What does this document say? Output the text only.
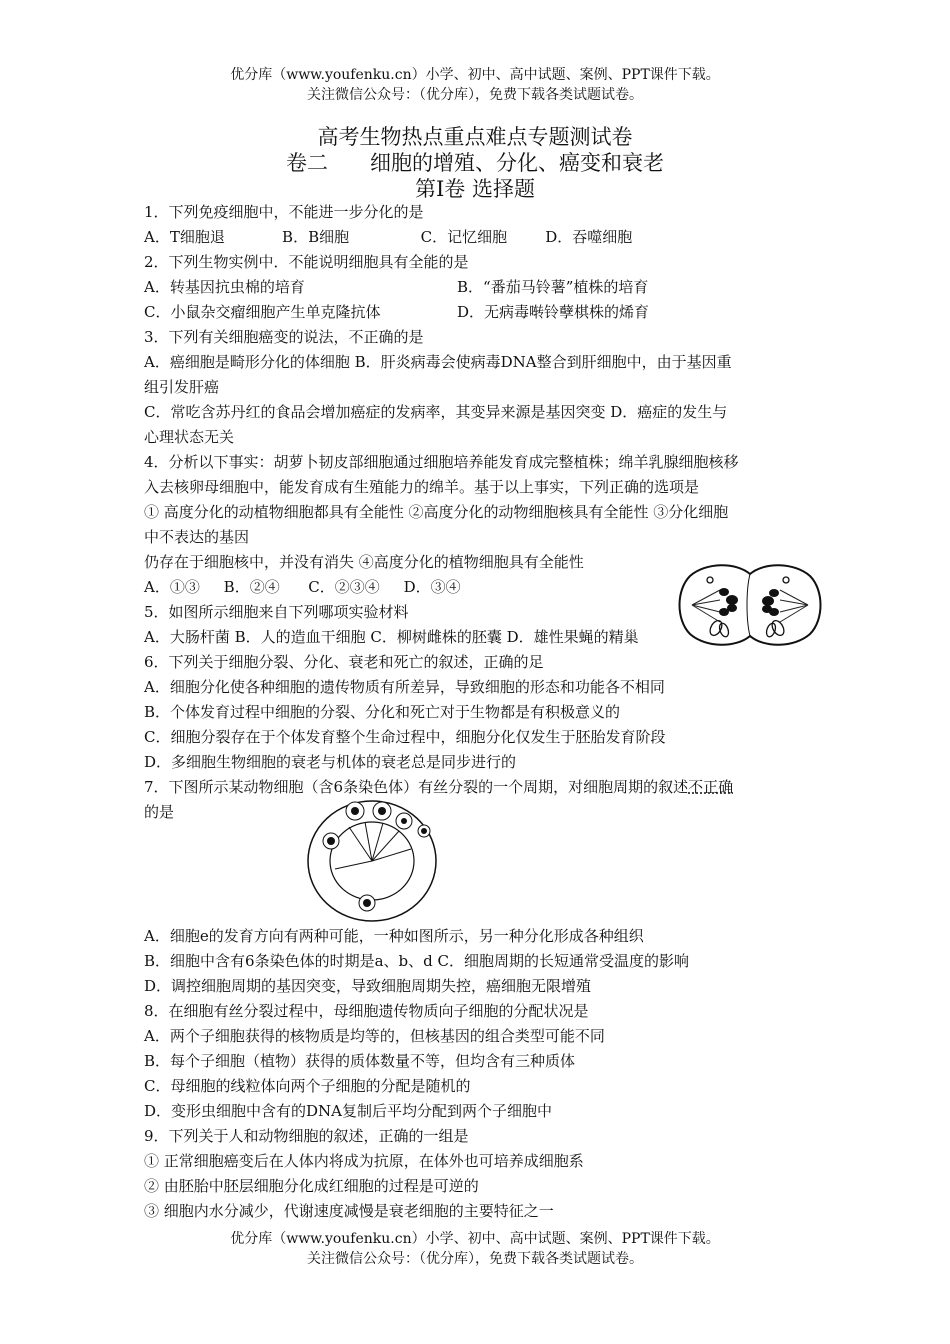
优分库（www.youfenku.cn）小学、初中、高中试题、案例、PPT课件下载。
关注微信公众号：（优分库），免费下载各类试题试卷。
高考生物热点重点难点专题测试卷
卷二 细胞的增殖、分化、癌变和衰老
第Ⅰ卷 选择题
1．下列免疫细胞中，不能进一步分化的是
A．T细胞退            B．B细胞               C．记忆细胞        D．吞噬细胞
2．下列生物实例中．不能说明细胞具有全能的是
A．转基因抗虫棉的培育	B．“番茄马铃薯”植株的培育
C．小鼠杂交瘤细胞产生单克隆抗体	D．无病毒啭铃孽棋株的烯育
3．下列有关细胞癌变的说法，不正确的是
A．癌细胞是畸形分化的体细胞 B．肝炎病毒会使病毒DNA整合到肝细胞中，由于基因重
组引发肝癌
C．常吃含苏丹红的食品会增加癌症的发病率，其变异来源是基因突变 D．癌症的发生与
心理状态无关
4．分析以下事实：胡萝卜韧皮部细胞通过细胞培养能发育成完整植株；绵羊乳腺细胞核移
入去核卵母细胞中，能发育成有生殖能力的绵羊。基于以上事实，下列正确的选项是
① 高度分化的动植物细胞都具有全能性 ②高度分化的动物细胞核具有全能性 ③分化细胞
中不表达的基因
仍存在于细胞核中，并没有消失 ④高度分化的植物细胞具有全能性
A．①③     B．②④      C．②③④     D．③④
5．如图所示细胞来自下列哪项实验材料
A．大肠杆菌 B．人的造血干细胞 C．柳树雌株的胚囊 D．雄性果蝇的精巢
6．下列关于细胞分裂、分化、衰老和死亡的叙述，正确的足
A．细胞分化使各种细胞的遗传物质有所差异，导致细胞的形态和功能各不相同
B．个体发育过程中细胞的分裂、分化和死亡对于生物都是有积极意义的
C．细胞分裂存在于个体发育整个生命过程中，细胞分化仅发生于胚胎发育阶段
D．多细胞生物细胞的衰老与机体的衰老总是同步进行的
7．下图所示某动物细胞（含6条染色体）有丝分裂的一个周期，对细胞周期的叙述不正确
的是
A．细胞e的发育方向有两种可能，一种如图所示，另一种分化形成各种组织
B．细胞中含有6条染色体的时期是a、b、d C．细胞周期的长短通常受温度的影响
D．调控细胞周期的基因突变，导致细胞周期失控，癌细胞无限增殖
8．在细胞有丝分裂过程中，母细胞遗传物质向子细胞的分配状况是
A．两个子细胞获得的核物质是均等的，但核基因的组合类型可能不同
B．每个子细胞（植物）获得的质体数量不等，但均含有三种质体
C．母细胞的线粒体向两个子细胞的分配是随机的
D．变形虫细胞中含有的DNA复制后平均分配到两个子细胞中
9．下列关于人和动物细胞的叙述，正确的一组是
① 正常细胞癌变后在人体内将成为抗原，在体外也可培养成细胞系
② 由胚胎中胚层细胞分化成红细胞的过程是可逆的
③ 细胞内水分减少，代谢速度减慢是衰老细胞的主要特征之一
优分库（www.youfenku.cn）小学、初中、高中试题、案例、PPT课件下载。
关注微信公众号：（优分库），免费下载各类试题试卷。
